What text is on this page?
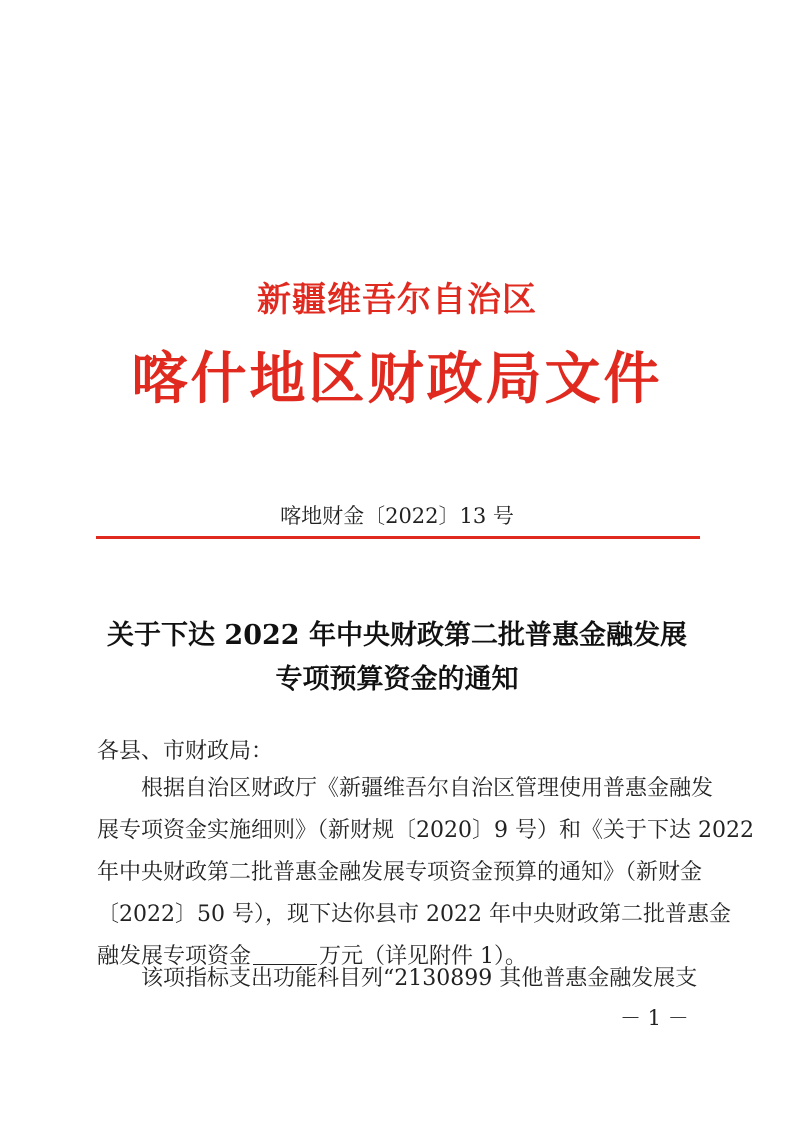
新疆维吾尔自治区
喀什地区财政局文件
喀地财金〔2022〕13 号
关于下达 2022 年中央财政第二批普惠金融发展
专项预算资金的通知
各县、市财政局：
根据自治区财政厅《新疆维吾尔自治区管理使用普惠金融发
展专项资金实施细则》（新财规〔2020〕9 号）和《关于下达 2022
年中央财政第二批普惠金融发展专项资金预算的通知》（新财金
〔2022〕50 号），现下达你县市 2022 年中央财政第二批普惠金
融发展专项资金	万元（详见附件 1）。
该项指标支出功能科目列“2130899 其他普惠金融发展支
－ 1 －
